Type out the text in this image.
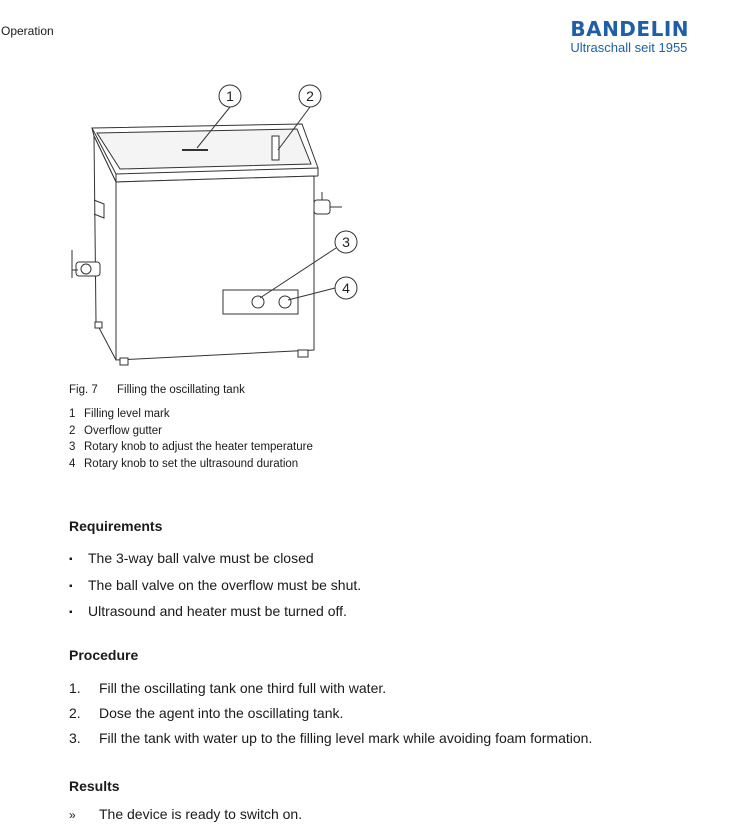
Operation	BANDELIN
Ultraschall seit 1955
1	2
3
4
Fig. 7 Filling the oscillating tank
1 Filling level mark
2 Overflow gutter
3 Rotary knob to adjust the heater temperature
4 Rotary knob to set the ultrasound duration
Requirements
▪ The 3-way ball valve must be closed
▪ The ball valve on the overflow must be shut.
▪ Ultrasound and heater must be turned off.
Procedure
1. Fill the oscillating tank one third full with water.
2. Dose the agent into the oscillating tank.
3. Fill the tank with water up to the filling level mark while avoiding foam formation.
Results
» The device is ready to switch on.
